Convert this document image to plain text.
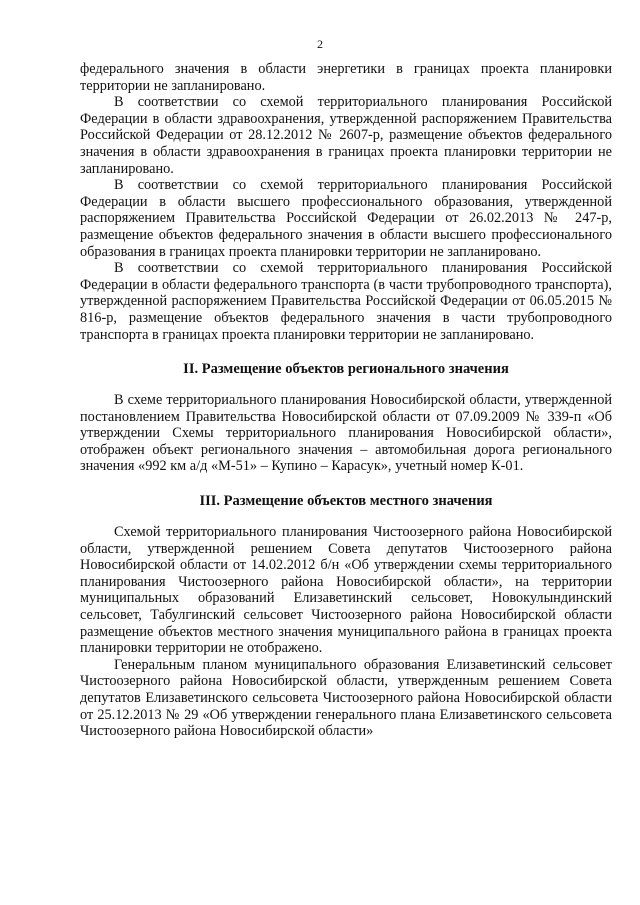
2

федерального значения в области энергетики в границах проекта планировки территории не запланировано.

В соответствии со схемой территориального планирования Российской Федерации в области здравоохранения, утвержденной распоряжением Правительства Российской Федерации от 28.12.2012 № 2607-р, размещение объектов федерального значения в области здравоохранения в границах проекта планировки территории не запланировано.

В соответствии со схемой территориального планирования Российской Федерации в области высшего профессионального образования, утвержденной распоряжением Правительства Российской Федерации от 26.02.2013 № 247-р, размещение объектов федерального значения в области высшего профессионального образования в границах проекта планировки территории не запланировано.

В соответствии со схемой территориального планирования Российской Федерации в области федерального транспорта (в части трубопроводного транспорта), утвержденной распоряжением Правительства Российской Федерации от 06.05.2015 № 816-р, размещение объектов федерального значения в части трубопроводного транспорта в границах проекта планировки территории не запланировано.

II. Размещение объектов регионального значения

В схеме территориального планирования Новосибирской области, утвержденной постановлением Правительства Новосибирской области от 07.09.2009 № 339-п «Об утверждении Схемы территориального планирования Новосибирской области», отображен объект регионального значения – автомобильная дорога регионального значения «992 км а/д «М-51» – Купино – Карасук», учетный номер К-01.

III. Размещение объектов местного значения

Схемой территориального планирования Чистоозерного района Новосибирской области, утвержденной решением Совета депутатов Чистоозерного района Новосибирской области от 14.02.2012 б/н «Об утверждении схемы территориального планирования Чистоозерного района Новосибирской области», на территории муниципальных образований Елизаветинский сельсовет, Новокулындинский сельсовет, Табулгинский сельсовет Чистоозерного района Новосибирской области размещение объектов местного значения муниципального района в границах проекта планировки территории не отображено.

Генеральным планом муниципального образования Елизаветинский сельсовет Чистоозерного района Новосибирской области, утвержденным решением Совета депутатов Елизаветинского сельсовета Чистоозерного района Новосибирской области от 25.12.2013 № 29 «Об утверждении генерального плана Елизаветинского сельсовета Чистоозерного района Новосибирской области»
